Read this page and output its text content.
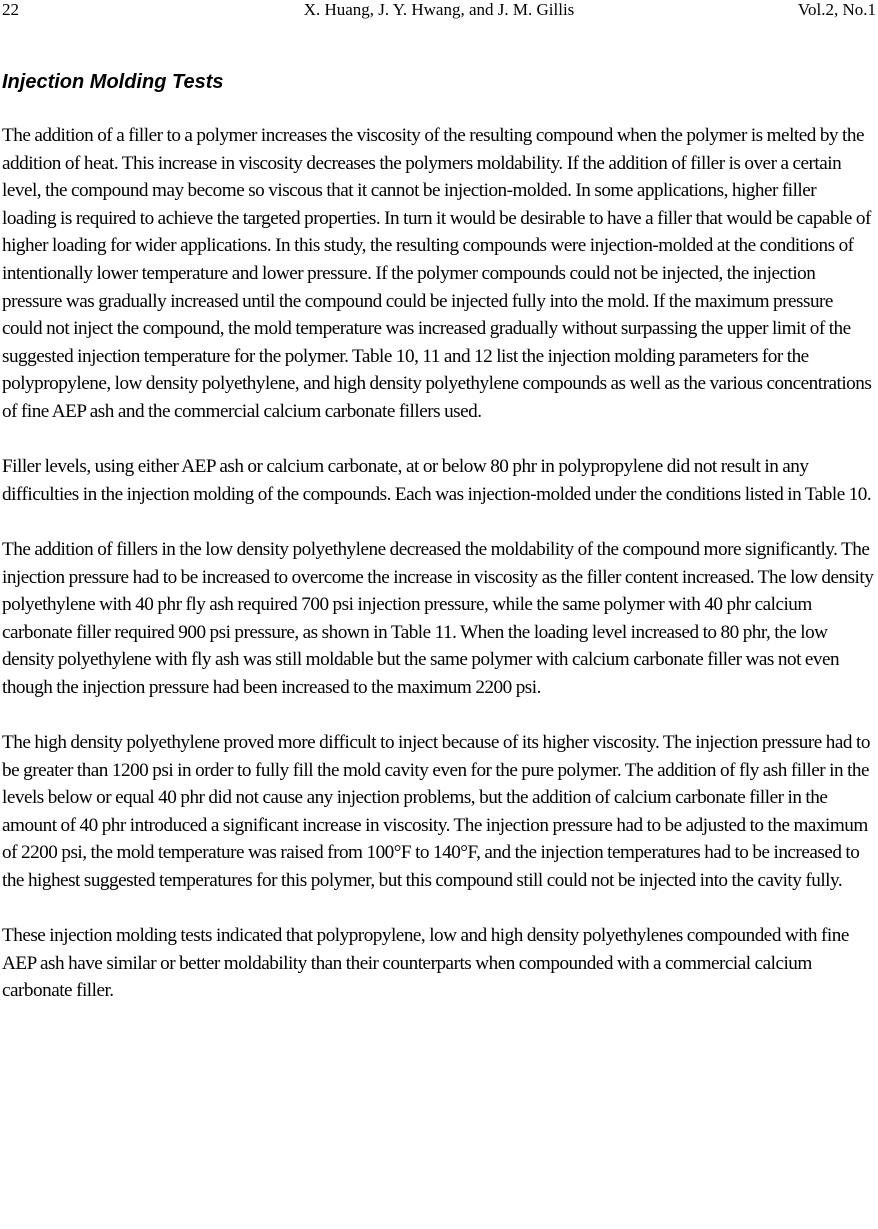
22	X. Huang, J. Y. Hwang, and J. M. Gillis	Vol.2, No.1
Injection Molding Tests

The addition of a filler to a polymer increases the viscosity of the resulting compound when the polymer is melted by the addition of heat. This increase in viscosity decreases the polymers moldability. If the addition of filler is over a certain level, the compound may become so viscous that it cannot be injection-molded. In some applications, higher filler loading is required to achieve the targeted properties. In turn it would be desirable to have a filler that would be capable of higher loading for wider applications. In this study, the resulting compounds were injection-molded at the conditions of intentionally lower temperature and lower pressure. If the polymer compounds could not be injected, the injection pressure was gradually increased until the compound could be injected fully into the mold. If the maximum pressure could not inject the compound, the mold temperature was increased gradually without surpassing the upper limit of the suggested injection temperature for the polymer. Table 10, 11 and 12 list the injection molding parameters for the polypropylene, low density polyethylene, and high density polyethylene compounds as well as the various concentrations of fine AEP ash and the commercial calcium carbonate fillers used.

Filler levels, using either AEP ash or calcium carbonate, at or below 80 phr in polypropylene did not result in any difficulties in the injection molding of the compounds. Each was injection-molded under the conditions listed in Table 10.

The addition of fillers in the low density polyethylene decreased the moldability of the compound more significantly. The injection pressure had to be increased to overcome the increase in viscosity as the filler content increased. The low density polyethylene with 40 phr fly ash required 700 psi injection pressure, while the same polymer with 40 phr calcium carbonate filler required 900 psi pressure, as shown in Table 11. When the loading level increased to 80 phr, the low density polyethylene with fly ash was still moldable but the same polymer with calcium carbonate filler was not even though the injection pressure had been increased to the maximum 2200 psi.

The high density polyethylene proved more difficult to inject because of its higher viscosity. The injection pressure had to be greater than 1200 psi in order to fully fill the mold cavity even for the pure polymer. The addition of fly ash filler in the levels below or equal 40 phr did not cause any injection problems, but the addition of calcium carbonate filler in the amount of 40 phr introduced a significant increase in viscosity. The injection pressure had to be adjusted to the maximum of 2200 psi, the mold temperature was raised from 100°F to 140°F, and the injection temperatures had to be increased to the highest suggested temperatures for this polymer, but this compound still could not be injected into the cavity fully.

These injection molding tests indicated that polypropylene, low and high density polyethylenes compounded with fine AEP ash have similar or better moldability than their counterparts when compounded with a commercial calcium carbonate filler.
